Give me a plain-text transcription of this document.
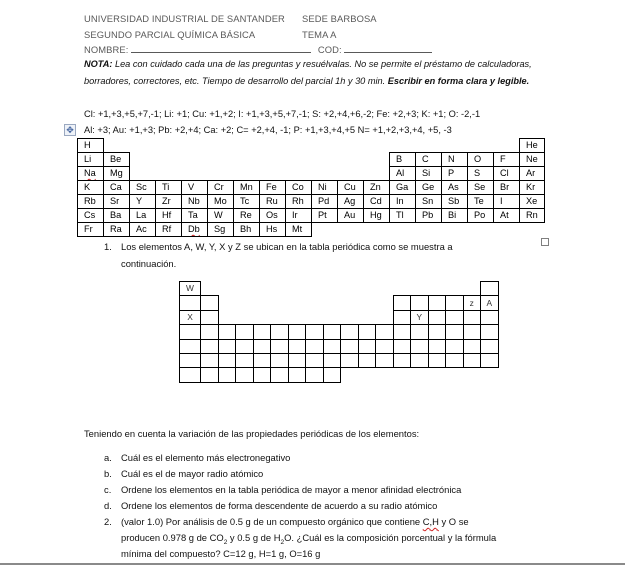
UNIVERSIDAD INDUSTRIAL DE SANTANDER SEDE BARBOSA
SEGUNDO PARCIAL QUÍMICA BÁSICA	TEMA A
NOMBRE:	COD:
NOTA: Lea con cuidado cada una de las preguntas y resuélvalas. No se permite el préstamo de calculadoras, borradores, correctores, etc. Tiempo de desarrollo del parcial 1h y 30 min. Escribir en forma clara y legible.
Cl: +1,+3,+5,+7,-1; Li: +1; Cu: +1,+2; I: +1,+3,+5,+7,-1; S: +2,+4,+6,-2; Fe: +2,+3; K: +1; O: -2,-1
✥ Al: +3; Au: +1,+3; Pb: +2,+4; Ca: +2; C= +2,+4, -1; P: +1,+3,+4,+5 N= +1,+2,+3,+4, +5, -3
H																	He
Li	Be											B	C	N	O	F	Ne
Na	Mg											Al	Si	P	S	Cl	Ar
K	Ca	Sc	Ti	V	Cr	Mn	Fe	Co	Ni	Cu	Zn	Ga	Ge	As	Se	Br	Kr
Rb	Sr	Y	Zr	Nb	Mo	Tc	Ru	Rh	Pd	Ag	Cd	In	Sn	Sb	Te	I	Xe
Cs	Ba	La	Hf	Ta	W	Re	Os	Ir	Pt	Au	Hg	Tl	Pb	Bi	Po	At	Rn
Fr	Ra	Ac	Rf	Db	Sg	Bh	Hs	Mt									
1. Los elementos A, W, Y, X y Z se ubican en la tabla periódica como se muestra a
continuación.
W																	
																z	A
X													Y				

Teniendo en cuenta la variación de las propiedades periódicas de los elementos:
a. Cuál es el elemento más electronegativo
b. Cuál es el de mayor radio atómico
c. Ordene los elementos en la tabla periódica de mayor a menor afinidad electrónica
d. Ordene los elementos de forma descendente de acuerdo a su radio atómico
2. (valor 1.0) Por análisis de 0.5 g de un compuesto orgánico que contiene C,H y O se
producen 0.978 g de $CO_2$ y 0.5 g de $H_2O$. ¿Cuál es la composición porcentual y la fórmula
mínima del compuesto? C=12 g, H=1 g, O=16 g
